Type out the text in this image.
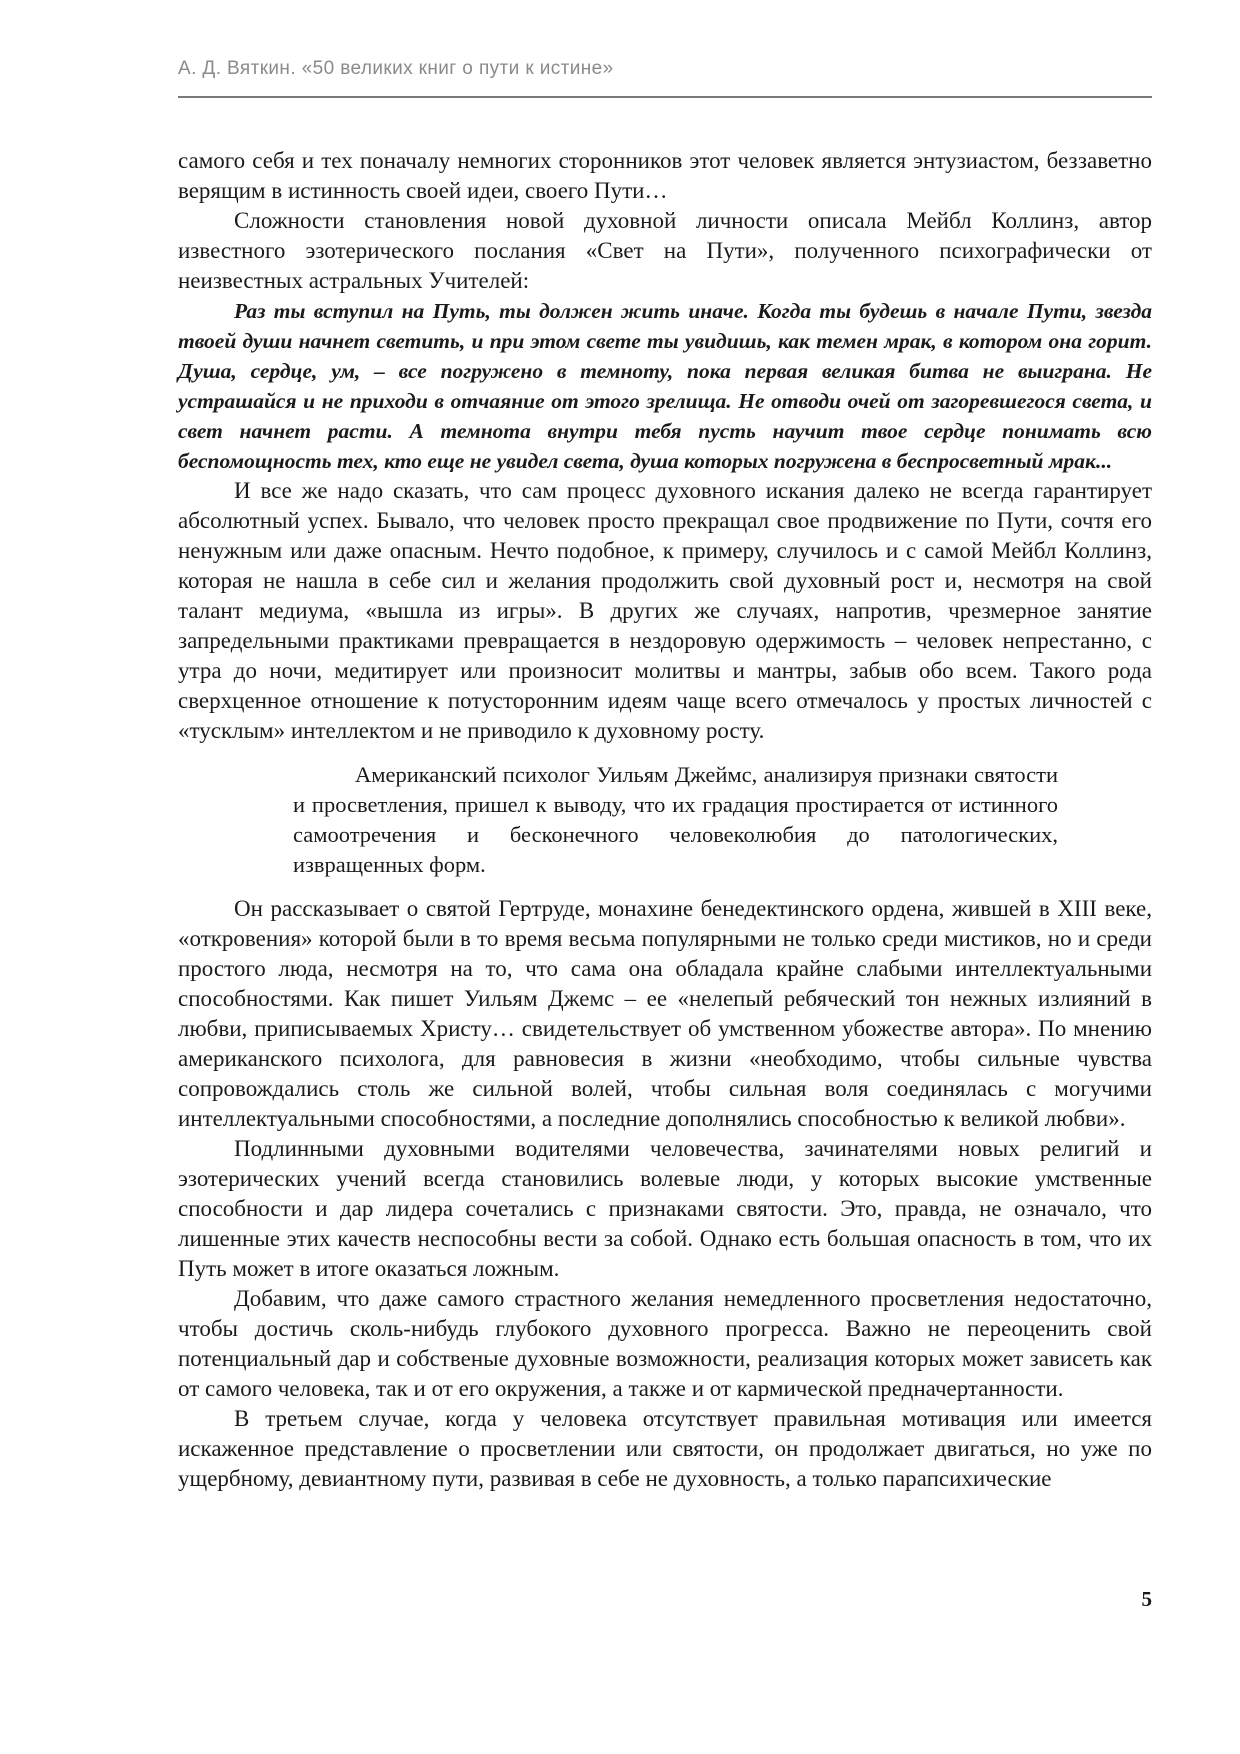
А. Д. Вяткин. «50 великих книг о пути к истине»

самого себя и тех поначалу немногих сторонников этот человек является энтузиастом, беззаветно верящим в истинность своей идеи, своего Пути…

Сложности становления новой духовной личности описала Мейбл Коллинз, автор известного эзотерического послания «Свет на Пути», полученного психографически от неизвестных астральных Учителей:

Раз ты вступил на Путь, ты должен жить иначе. Когда ты будешь в начале Пути, звезда твоей души начнет светить, и при этом свете ты увидишь, как темен мрак, в котором она горит. Душа, сердце, ум, – все погружено в темноту, пока первая великая битва не выиграна. Не устрашайся и не приходи в отчаяние от этого зрелища. Не отводи очей от загоревшегося света, и свет начнет расти. А темнота внутри тебя пусть научит твое сердце понимать всю беспомощность тех, кто еще не увидел света, душа которых погружена в беспросветный мрак...

И все же надо сказать, что сам процесс духовного искания далеко не всегда гарантирует абсолютный успех. Бывало, что человек просто прекращал свое продвижение по Пути, сочтя его ненужным или даже опасным. Нечто подобное, к примеру, случилось и с самой Мейбл Коллинз, которая не нашла в себе сил и желания продолжить свой духовный рост и, несмотря на свой талант медиума, «вышла из игры». В других же случаях, напротив, чрезмерное занятие запредельными практиками превращается в нездоровую одержимость – человек непрестанно, с утра до ночи, медитирует или произносит молитвы и мантры, забыв обо всем. Такого рода сверхценное отношение к потусторонним идеям чаще всего отмечалось у простых личностей с «тусклым» интеллектом и не приводило к духовному росту.

Американский психолог Уильям Джеймс, анализируя признаки святости и просветления, пришел к выводу, что их градация простирается от истинного самоотречения и бесконечного человеколюбия до патологических, извращенных форм.

Он рассказывает о святой Гертруде, монахине бенедектинского ордена, жившей в XIII веке, «откровения» которой были в то время весьма популярными не только среди мистиков, но и среди простого люда, несмотря на то, что сама она обладала крайне слабыми интеллектуальными способностями. Как пишет Уильям Джемс – ее «нелепый ребяческий тон нежных излияний в любви, приписываемых Христу… свидетельствует об умственном убожестве автора». По мнению американского психолога, для равновесия в жизни «необходимо, чтобы сильные чувства сопровождались столь же сильной волей, чтобы сильная воля соединялась с могучими интеллектуальными способностями, а последние дополнялись способностью к великой любви».

Подлинными духовными водителями человечества, зачинателями новых религий и эзотерических учений всегда становились волевые люди, у которых высокие умственные способности и дар лидера сочетались с признаками святости. Это, правда, не означало, что лишенные этих качеств неспособны вести за собой. Однако есть большая опасность в том, что их Путь может в итоге оказаться ложным.

Добавим, что даже самого страстного желания немедленного просветления недостаточно, чтобы достичь сколь-нибудь глубокого духовного прогресса. Важно не переоценить свой потенциальный дар и собственые духовные возможности, реализация которых может зависеть как от самого человека, так и от его окружения, а также и от кармической предначертанности.

В третьем случае, когда у человека отсутствует правильная мотивация или имеется искаженное представление о просветлении или святости, он продолжает двигаться, но уже по ущербному, девиантному пути, развивая в себе не духовность, а только парапсихические

5
